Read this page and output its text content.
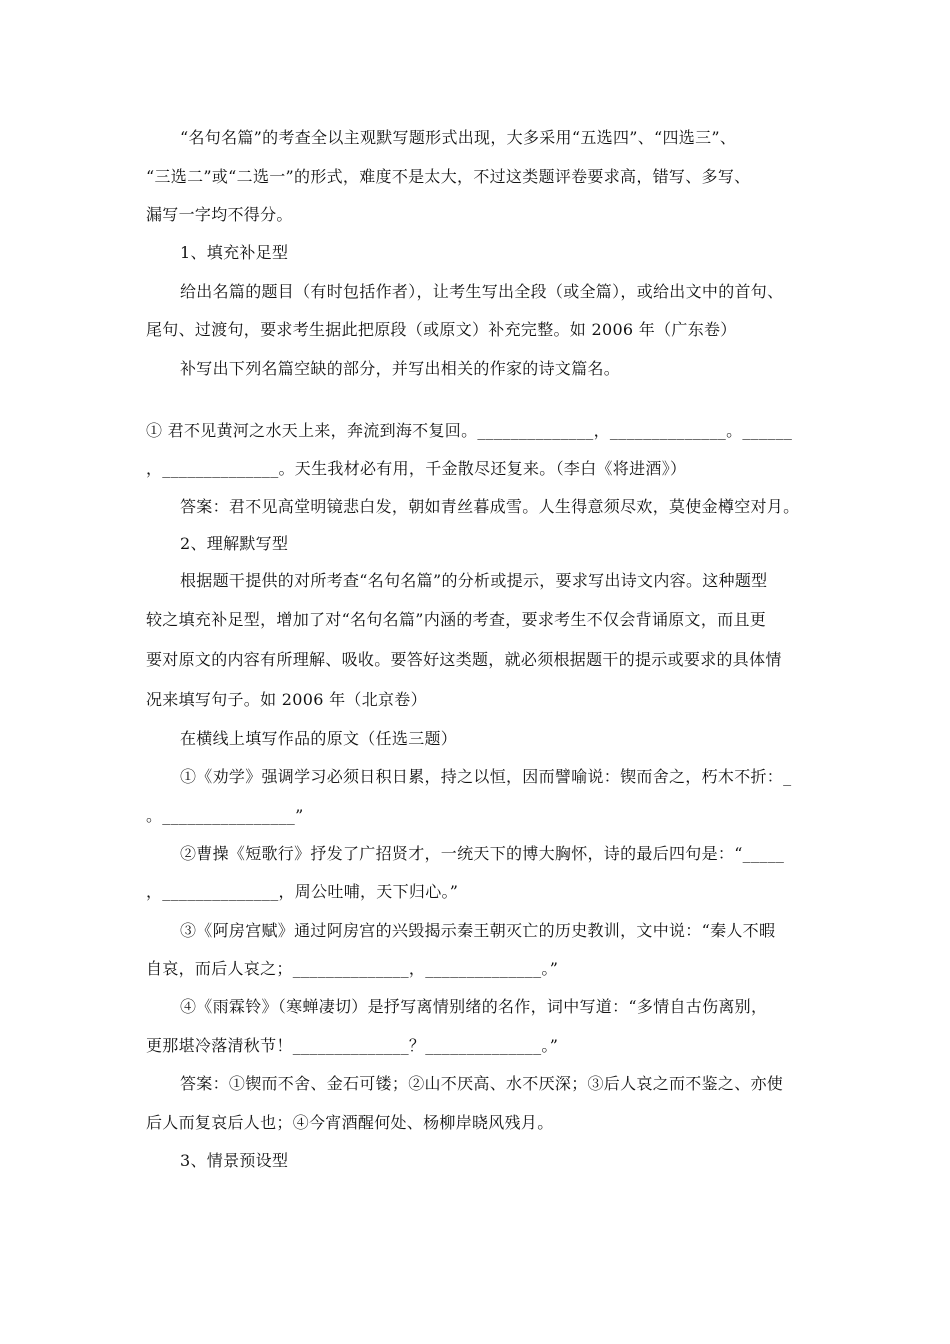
“名句名篇”的考查全以主观默写题形式出现，大多采用“五选四”、“四选三”、
“三选二”或“二选一”的形式，难度不是太大，不过这类题评卷要求高，错写、多写、
漏写一字均不得分。
1、填充补足型
给出名篇的题目（有时包括作者），让考生写出全段（或全篇），或给出文中的首句、
尾句、过渡句，要求考生据此把原段（或原文）补充完整。如 2006 年（广东卷）
补写出下列名篇空缺的部分，并写出相关的作家的诗文篇名。
① 君不见黄河之水天上来，奔流到海不复回。______________，______________。______
，______________。天生我材必有用，千金散尽还复来。（李白《将进酒》）
答案：君不见高堂明镜悲白发，朝如青丝暮成雪。人生得意须尽欢，莫使金樽空对月。
2、理解默写型
根据题干提供的对所考查“名句名篇”的分析或提示，要求写出诗文内容。这种题型
较之填充补足型，增加了对“名句名篇”内涵的考查，要求考生不仅会背诵原文，而且更
要对原文的内容有所理解、吸收。要答好这类题，就必须根据题干的提示或要求的具体情
况来填写句子。如 2006 年（北京卷）
在横线上填写作品的原文（任选三题）
①《劝学》强调学习必须日积日累，持之以恒，因而譬喻说：锲而舍之，朽木不折：_
。________________”
②曹操《短歌行》抒发了广招贤才，一统天下的博大胸怀，诗的最后四句是：“_____
，______________，周公吐哺，天下归心。”
③《阿房宫赋》通过阿房宫的兴毁揭示秦王朝灭亡的历史教训，文中说：“秦人不暇
自哀，而后人哀之；______________，______________。”
④《雨霖铃》（寒蝉凄切）是抒写离情别绪的名作，词中写道：“多情自古伤离别，
更那堪冷落清秋节！______________？______________。”
答案：①锲而不舍、金石可镂；②山不厌高、水不厌深；③后人哀之而不鉴之、亦使
后人而复哀后人也；④今宵酒醒何处、杨柳岸晓风残月。
3、情景预设型
